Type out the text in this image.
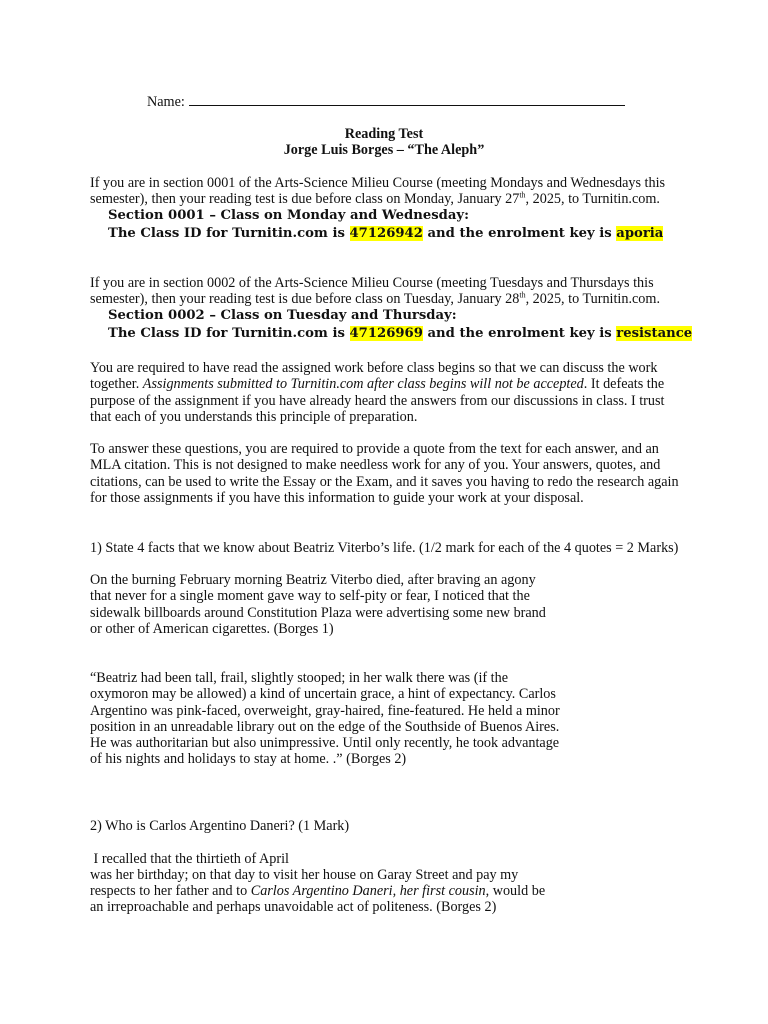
Name:
Reading Test
Jorge Luis Borges – “The Aleph”

If you are in section 0001 of the Arts-Science Milieu Course (meeting Mondays and Wednesdays this semester), then your reading test is due before class on Monday, January 27th, 2025, to Turnitin.com.

Section 0001 – Class on Monday and Wednesday:
The Class ID for Turnitin.com is 47126942 and the enrolment key is aporia

If you are in section 0002 of the Arts-Science Milieu Course (meeting Tuesdays and Thursdays this semester), then your reading test is due before class on Tuesday, January 28th, 2025, to Turnitin.com.

Section 0002 – Class on Tuesday and Thursday:
The Class ID for Turnitin.com is 47126969 and the enrolment key is resistance

You are required to have read the assigned work before class begins so that we can discuss the work together. Assignments submitted to Turnitin.com after class begins will not be accepted. It defeats the purpose of the assignment if you have already heard the answers from our discussions in class. I trust that each of you understands this principle of preparation.

To answer these questions, you are required to provide a quote from the text for each answer, and an MLA citation. This is not designed to make needless work for any of you. Your answers, quotes, and citations, can be used to write the Essay or the Exam, and it saves you having to redo the research again for those assignments if you have this information to guide your work at your disposal.

1) State 4 facts that we know about Beatriz Viterbo’s life. (1/2 mark for each of the 4 quotes = 2 Marks)

On the burning February morning Beatriz Viterbo died, after braving an agony that never for a single moment gave way to self-pity or fear, I noticed that the sidewalk billboards around Constitution Plaza were advertising some new brand or other of American cigarettes. (Borges 1)

“Beatriz had been tall, frail, slightly stooped; in her walk there was (if the oxymoron may be allowed) a kind of uncertain grace, a hint of expectancy. Carlos Argentino was pink-faced, overweight, gray-haired, fine-featured. He held a minor position in an unreadable library out on the edge of the Southside of Buenos Aires. He was authoritarian but also unimpressive. Until only recently, he took advantage of his nights and holidays to stay at home. .” (Borges 2)

2) Who is Carlos Argentino Daneri? (1 Mark)
I recalled that the thirtieth of April
was her birthday; on that day to visit her house on Garay Street and pay my
respects to her father and to Carlos Argentino Daneri, her first cousin, would be
an irreproachable and perhaps unavoidable act of politeness. (Borges 2)
